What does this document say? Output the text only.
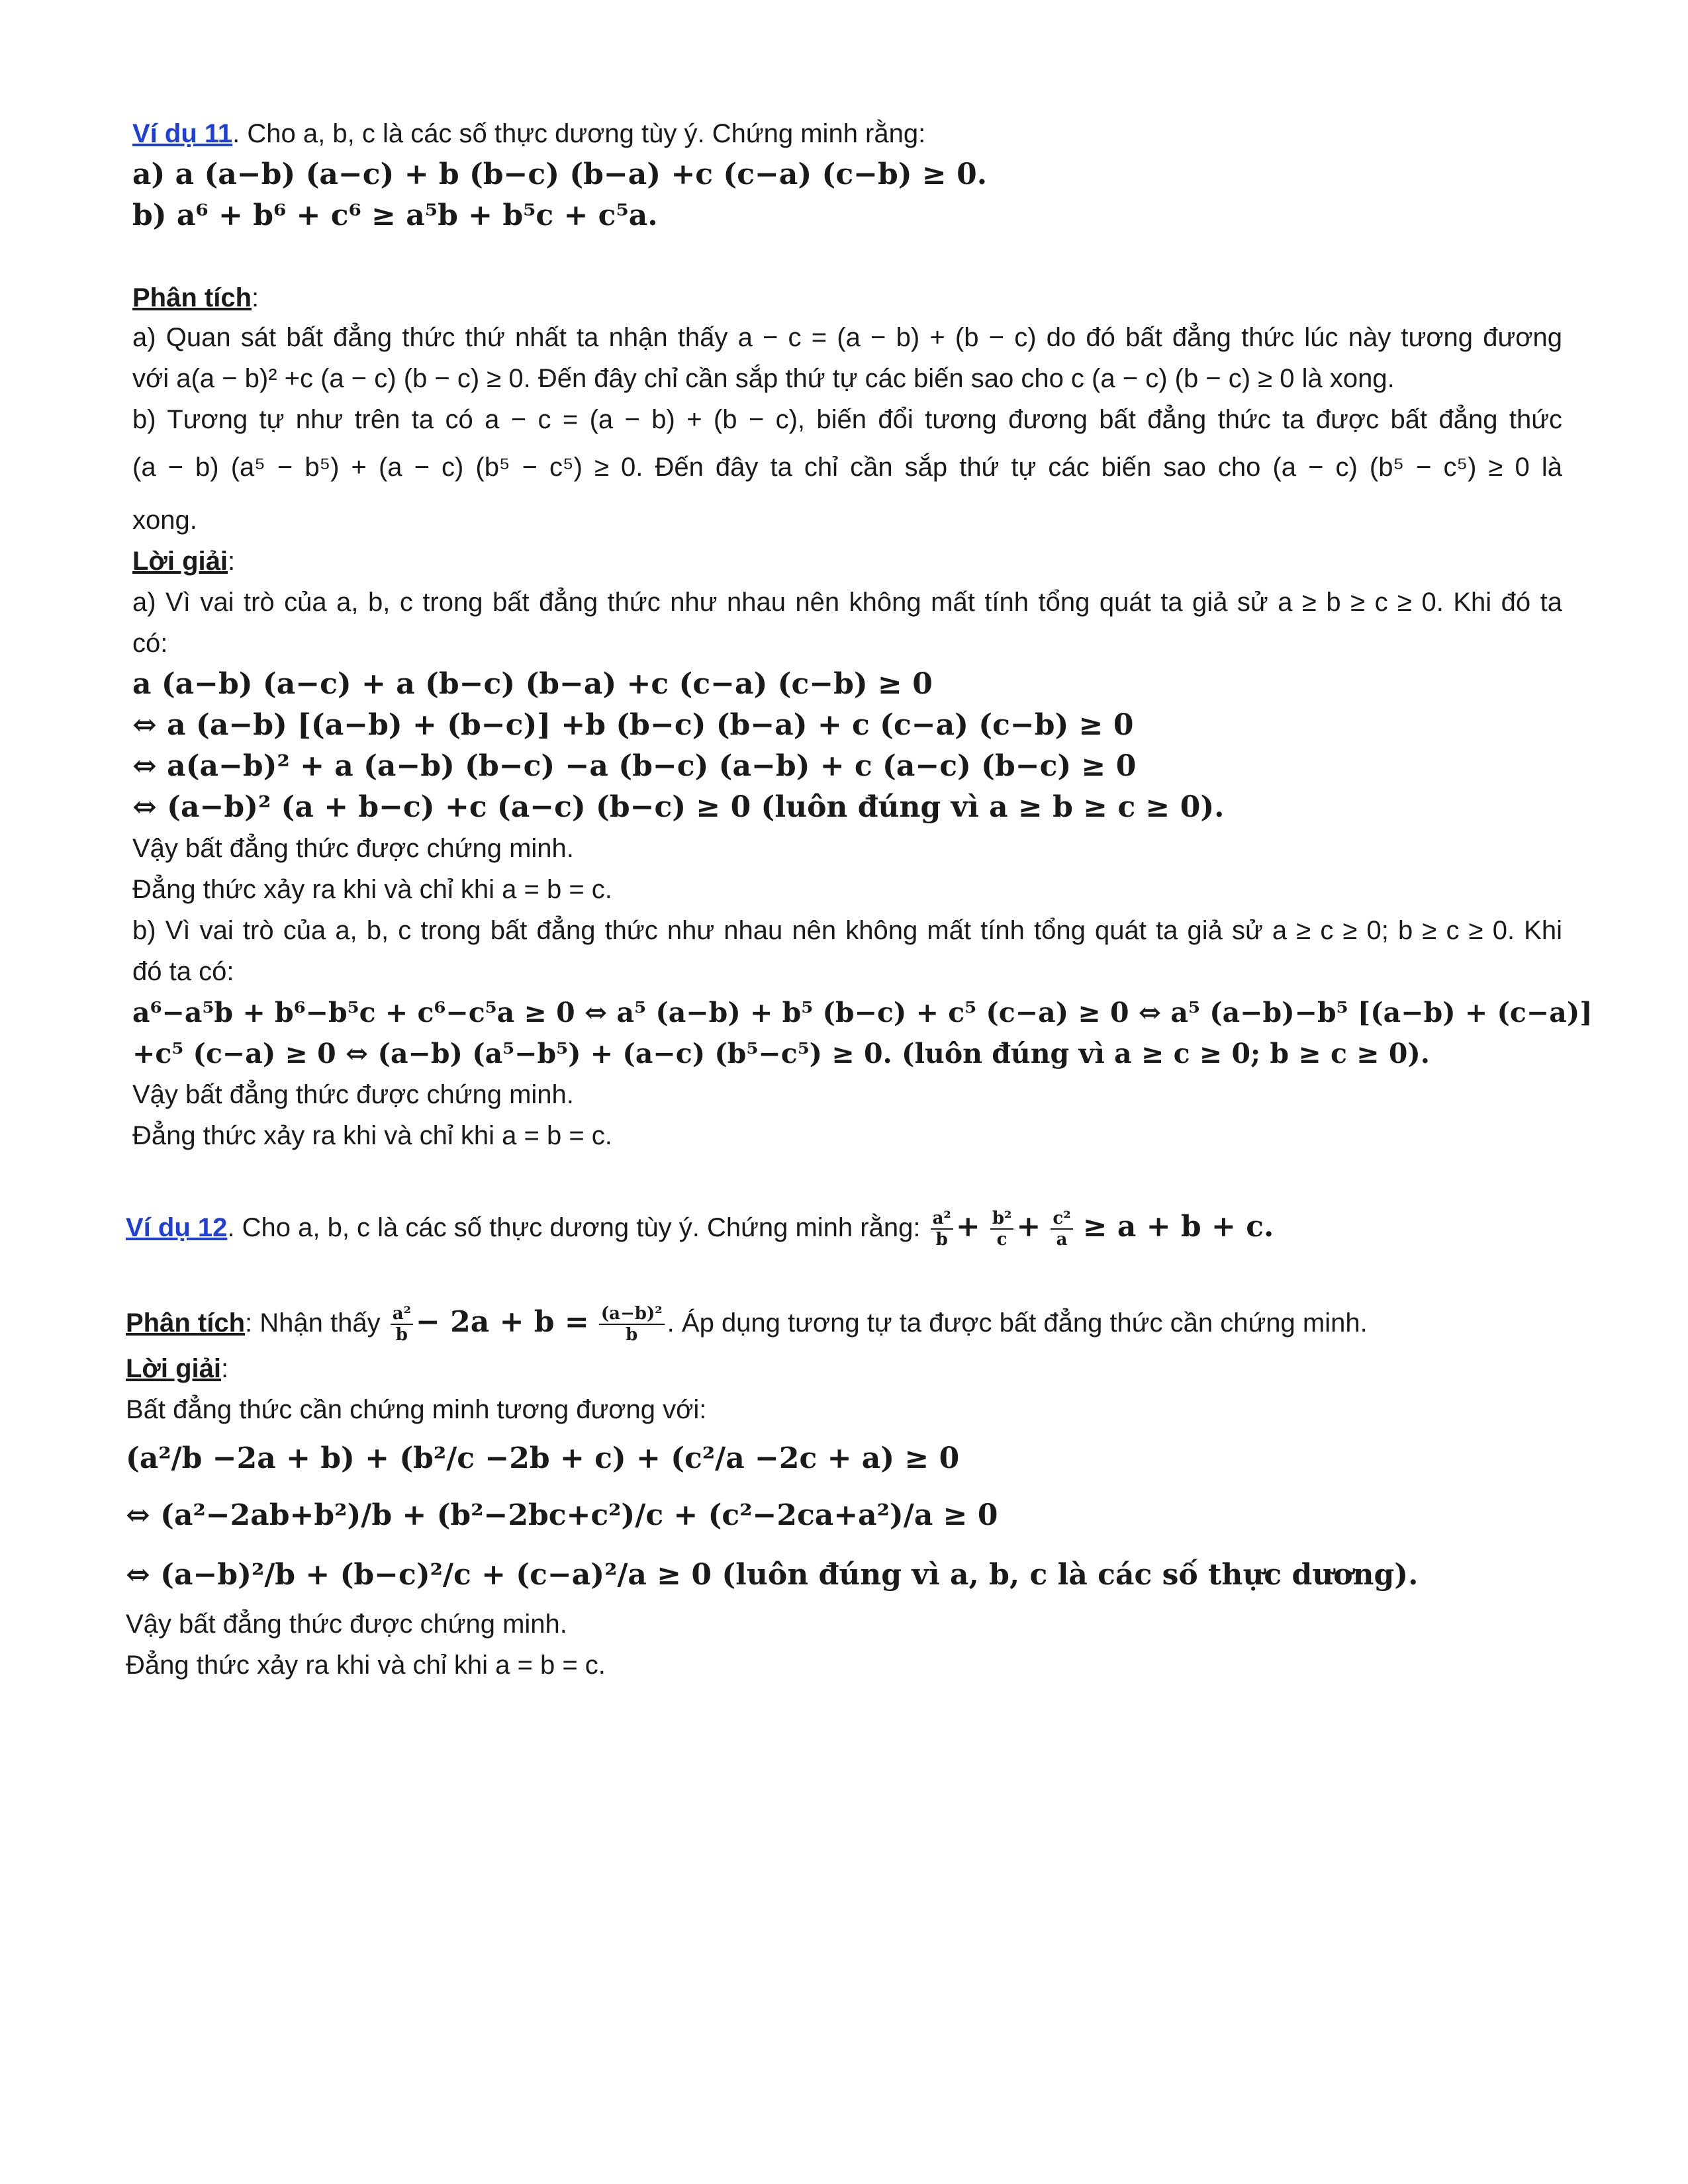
Ví dụ 11. Cho a, b, c là các số thực dương tùy ý. Chứng minh rằng:
a) a (a−b) (a−c) + b (b−c) (b−a) +c (c−a) (c−b) ≥ 0.
b) a⁶ + b⁶ + c⁶ ≥ a⁵b + b⁵c + c⁵a.
Phân tích:
a) Quan sát bất đẳng thức thứ nhất ta nhận thấy a − c = (a − b) + (b − c) do đó bất đẳng thức lúc này tương đương
với a(a − b)² +c (a − c) (b − c) ≥ 0. Đến đây chỉ cần sắp thứ tự các biến sao cho c (a − c) (b − c) ≥ 0 là xong.
b) Tương tự như trên ta có a − c = (a − b) + (b − c), biến đổi tương đương bất đẳng thức ta được bất đẳng thức
(a − b) (a⁵ − b⁵) + (a − c) (b⁵ − c⁵) ≥ 0. Đến đây ta chỉ cần sắp thứ tự các biến sao cho (a − c) (b⁵ − c⁵) ≥ 0 là
xong.
Lời giải:
a) Vì vai trò của a, b, c trong bất đẳng thức như nhau nên không mất tính tổng quát ta giả sử a ≥ b ≥ c ≥ 0. Khi đó ta
có:
a (a−b) (a−c) + a (b−c) (b−a) +c (c−a) (c−b) ≥ 0
⇔ a (a−b) [(a−b) + (b−c)] +b (b−c) (b−a) + c (c−a) (c−b) ≥ 0
⇔ a(a−b)² + a (a−b) (b−c) −a (b−c) (a−b) + c (a−c) (b−c) ≥ 0
⇔ (a−b)² (a + b−c) +c (a−c) (b−c) ≥ 0 (luôn đúng vì a ≥ b ≥ c ≥ 0).
Vậy bất đẳng thức được chứng minh.
Đẳng thức xảy ra khi và chỉ khi a = b = c.
b) Vì vai trò của a, b, c trong bất đẳng thức như nhau nên không mất tính tổng quát ta giả sử a ≥ c ≥ 0; b ≥ c ≥ 0. Khi
đó ta có:
a⁶−a⁵b + b⁶−b⁵c + c⁶−c⁵a ≥ 0 ⇔ a⁵ (a−b) + b⁵ (b−c) + c⁵ (c−a) ≥ 0 ⇔ a⁵ (a−b)−b⁵ [(a−b) + (c−a)]
+c⁵ (c−a) ≥ 0 ⇔ (a−b) (a⁵−b⁵) + (a−c) (b⁵−c⁵) ≥ 0. (luôn đúng vì a ≥ c ≥ 0; b ≥ c ≥ 0).
Vậy bất đẳng thức được chứng minh.
Đẳng thức xảy ra khi và chỉ khi a = b = c.
Ví dụ 12. Cho a, b, c là các số thực dương tùy ý. Chứng minh rằng: $\frac{\text{a²}}{b} + \frac{\text{b²}}{c} + \frac{\text{c²}}{a} \ge a + b + c$.
Phân tích: Nhận thấy $\frac{\text{a²}}{b} - 2a + b = \frac{\text{(a−b)²}}{b}$ . Áp dụng tương tự ta được bất đẳng thức cần chứng minh.
Lời giải:
Bất đẳng thức cần chứng minh tương đương với:
(a²/b −2a + b) + (b²/c −2b + c) + (c²/a −2c + a) ≥ 0
⇔ (a²−2ab+b²)/b + (b²−2bc+c²)/c + (c²−2ca+a²)/a ≥ 0
⇔ (a−b)²/b + (b−c)²/c + (c−a)²/a ≥ 0 (luôn đúng vì a, b, c là các số thực dương).
Vậy bất đẳng thức được chứng minh.
Đẳng thức xảy ra khi và chỉ khi a = b = c.
